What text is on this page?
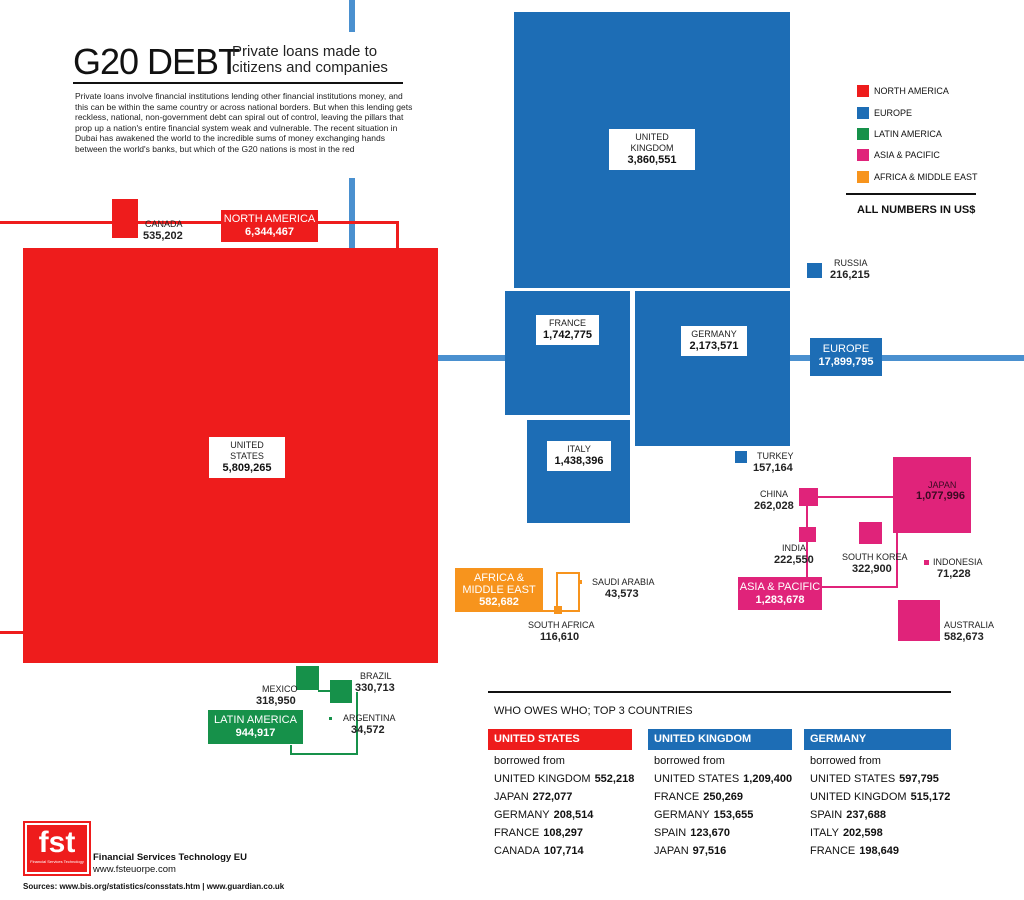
G20 DEBT
Private loans made to citizens and companies
Private loans involve financial institutions lending other financial institutions money, and this can be within the same country or across national borders. But when this lending gets reckless, national, non-government debt can spiral out of control, leaving the pillars that prop up a nation's entire financial system weak and vulnerable. The recent situation in Dubai has awakened the world to the incredible sums of money exchanging hands between the world's banks, but which of the G20 nations is most in the red
NORTH AMERICA
EUROPE
LATIN AMERICA
ASIA & PACIFIC
AFRICA & MIDDLE EAST
ALL NUMBERS IN US$
UNITED STATES
5,809,265
CANADA
535,202
NORTH AMERICA
6,344,467
UNITED KINGDOM
3,860,551
FRANCE
1,742,775	GERMANY
2,173,571
ITALY
1,438,396
RUSSIA
216,215
TURKEY
157,164
EUROPE
17,899,795
JAPAN
1,077,996
CHINA
262,028
INDIA
222,550	SOUTH KOREA
322,900
INDONESIA
71,228
AUSTRALIA
582,673
ASIA & PACIFIC
1,283,678
AFRICA &
MIDDLE EAST
582,682
SAUDI ARABIA
43,573
SOUTH AFRICA
116,610
MEXICO
318,950
BRAZIL
330,713
ARGENTINA
34,572
LATIN AMERICA
944,917
WHO OWES WHO; TOP 3 COUNTRIES
UNITED STATES
borrowed from
UNITED KINGDOM 552,218
JAPAN 272,077
GERMANY 208,514
FRANCE 108,297
CANADA 107,714
UNITED KINGDOM
borrowed from
UNITED STATES 1,209,400
FRANCE 250,269
GERMANY 153,655
SPAIN 123,670
JAPAN 97,516
GERMANY
borrowed from
UNITED STATES 597,795
UNITED KINGDOM 515,172
SPAIN 237,688
ITALY 202,598
FRANCE 198,649
fst
Financial Services Technology Financial Services Technology EU
www.fsteuorpe.com
Sources: www.bis.org/statistics/consstats.htm | www.guardian.co.uk
